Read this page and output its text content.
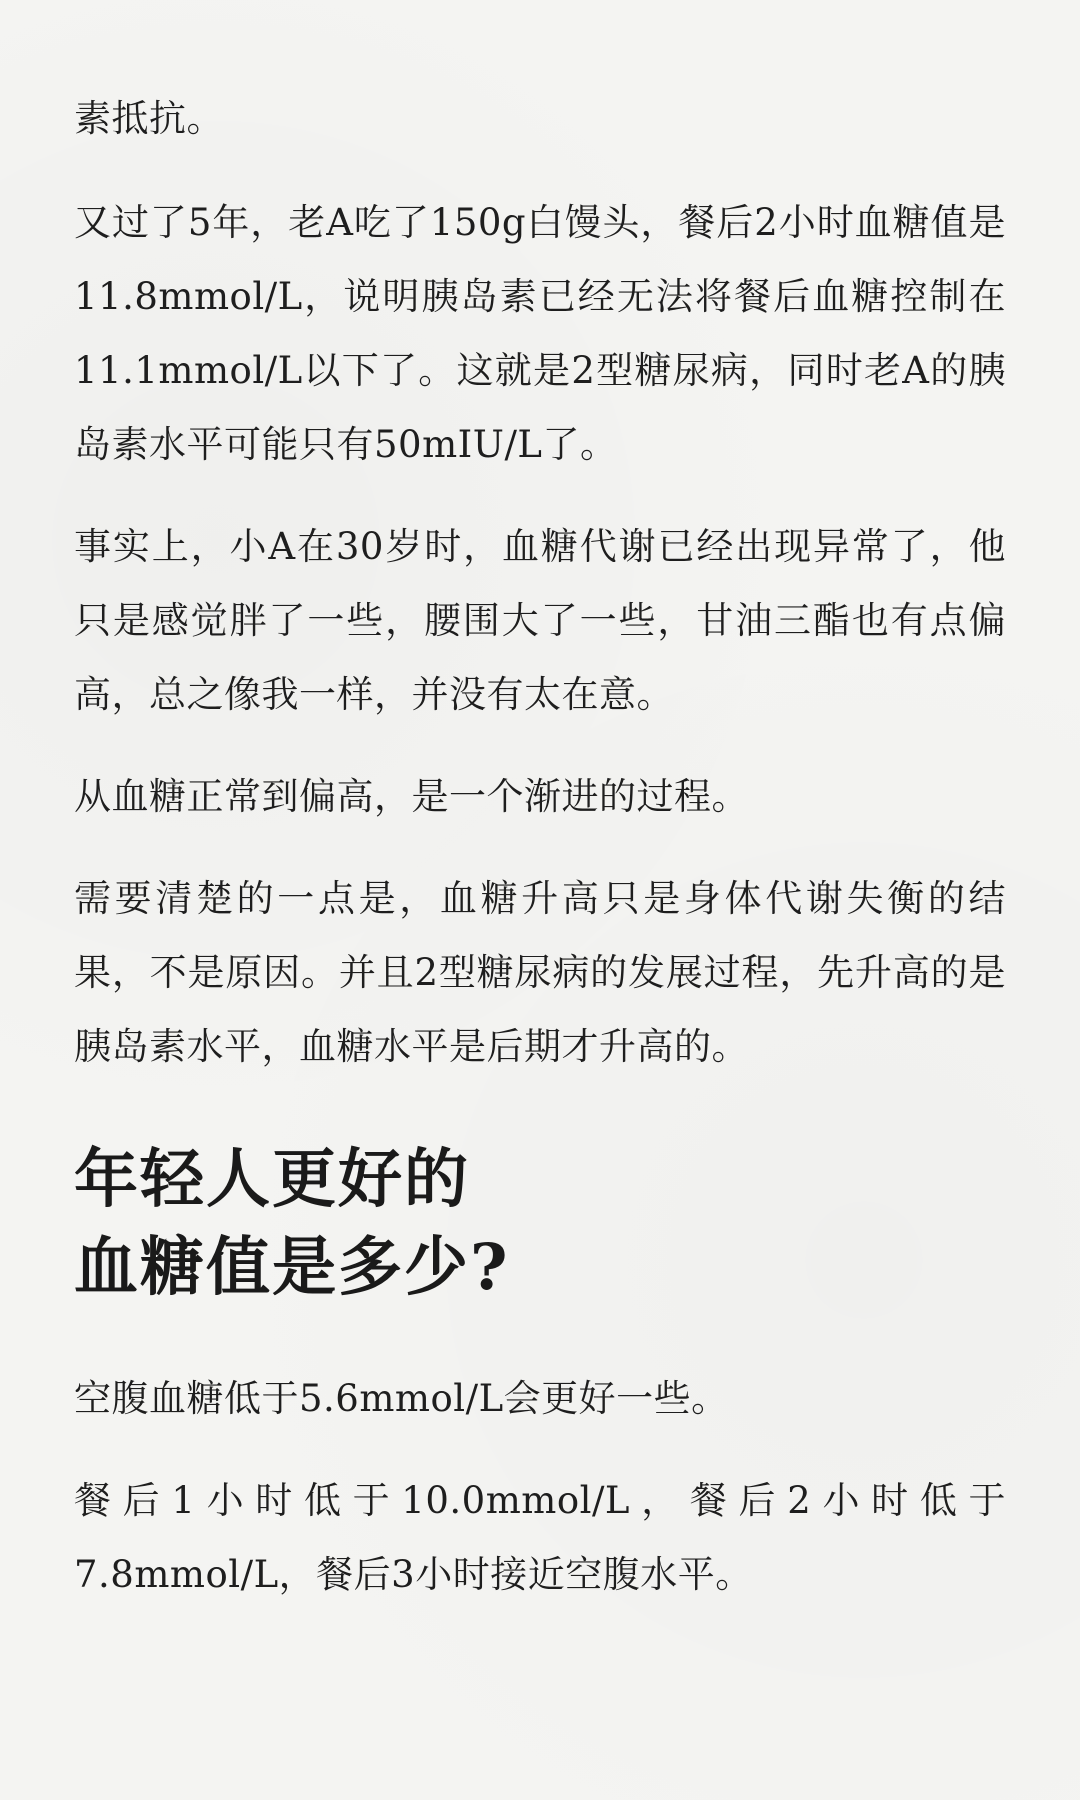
素抵抗。

又过了5年，老A吃了150g白馒头，餐后2小时血糖值是11.8mmol/L，说明胰岛素已经无法将餐后血糖控制在11.1mmol/L以下了。这就是2型糖尿病，同时老A的胰岛素水平可能只有50mIU/L了。

事实上，小A在30岁时，血糖代谢已经出现异常了，他只是感觉胖了一些，腰围大了一些，甘油三酯也有点偏高，总之像我一样，并没有太在意。

从血糖正常到偏高，是一个渐进的过程。

需要清楚的一点是，血糖升高只是身体代谢失衡的结果，不是原因。并且2型糖尿病的发展过程，先升高的是胰岛素水平，血糖水平是后期才升高的。

年轻人更好的
血糖值是多少?

空腹血糖低于5.6mmol/L会更好一些。

餐后1小时低于10.0mmol/L，餐后2小时低于7.8mmol/L，餐后3小时接近空腹水平。
